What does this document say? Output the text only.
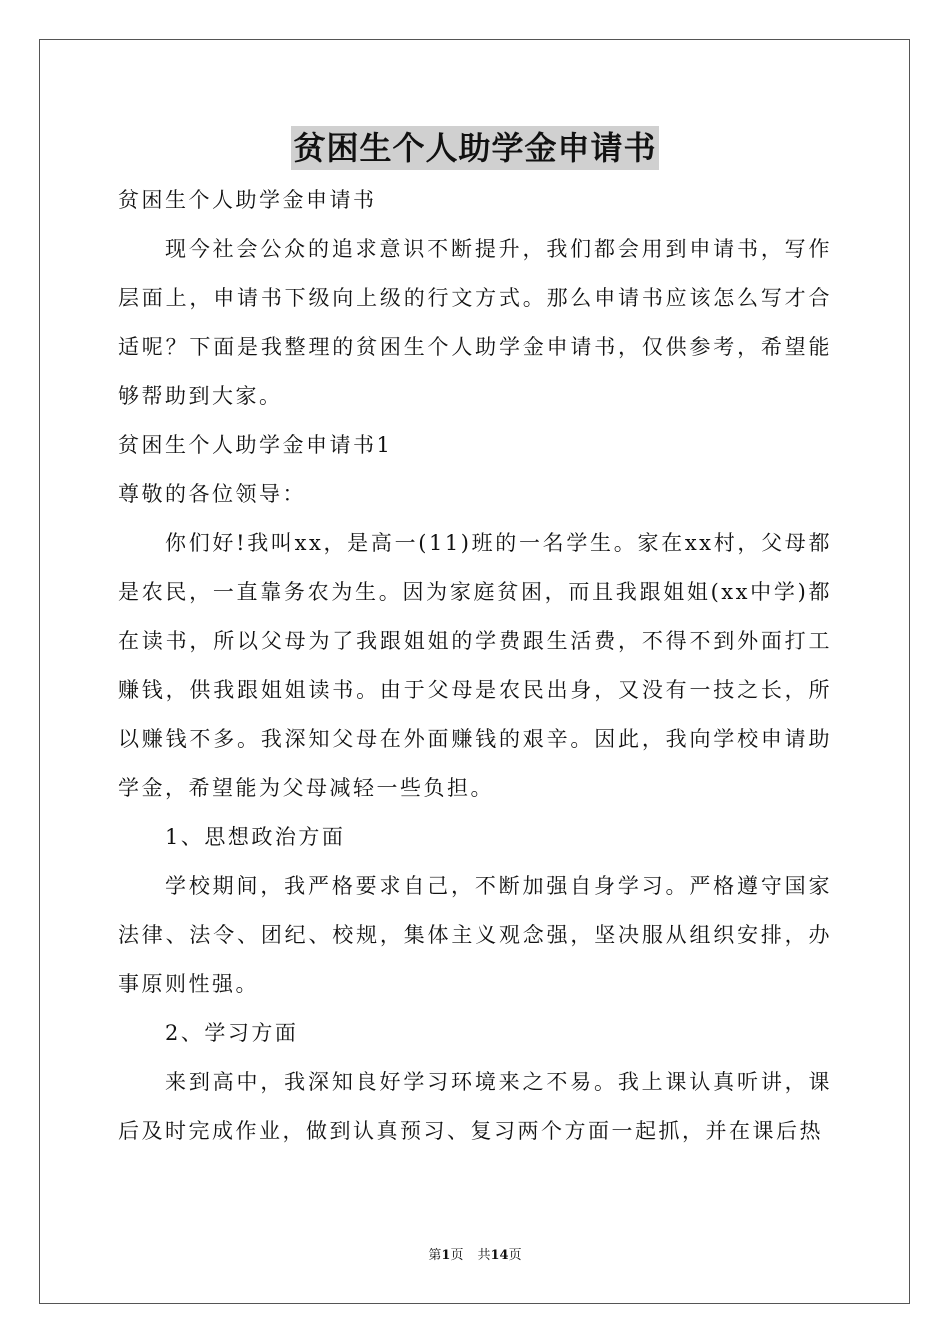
贫困生个人助学金申请书

贫困生个人助学金申请书

现今社会公众的追求意识不断提升，我们都会用到申请书，写作层面上，申请书下级向上级的行文方式。那么申请书应该怎么写才合适呢？下面是我整理的贫困生个人助学金申请书，仅供参考，希望能够帮助到大家。

贫困生个人助学金申请书1

尊敬的各位领导：

你们好!我叫xx，是高一(11)班的一名学生。家在xx村，父母都是农民，一直靠务农为生。因为家庭贫困，而且我跟姐姐(xx中学)都在读书，所以父母为了我跟姐姐的学费跟生活费，不得不到外面打工赚钱，供我跟姐姐读书。由于父母是农民出身，又没有一技之长，所以赚钱不多。我深知父母在外面赚钱的艰辛。因此，我向学校申请助学金，希望能为父母减轻一些负担。

1、思想政治方面

学校期间，我严格要求自己，不断加强自身学习。严格遵守国家法律、法令、团纪、校规，集体主义观念强，坚决服从组织安排，办事原则性强。

2、学习方面

来到高中，我深知良好学习环境来之不易。我上课认真听讲，课后及时完成作业，做到认真预习、复习两个方面一起抓，并在课后热

第1页 共14页
